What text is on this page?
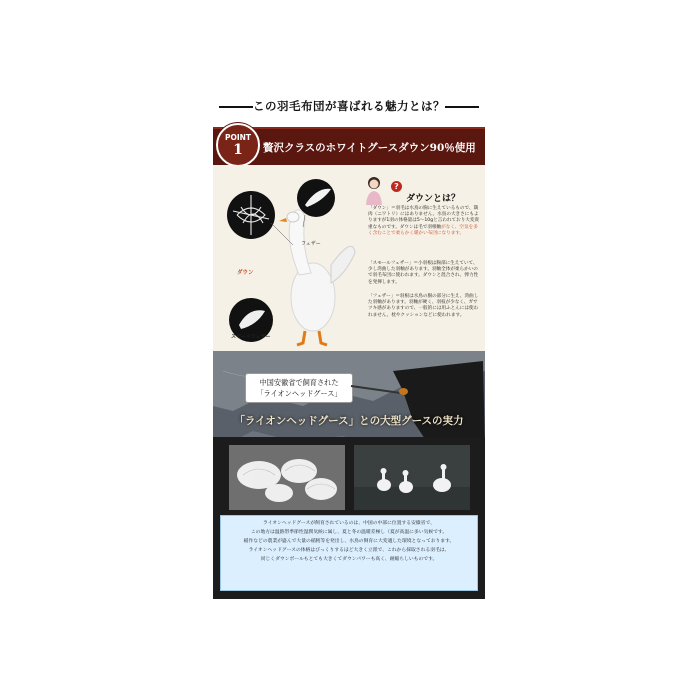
この羽毛布団が喜ばれる魅力とは？
POINT
1	贅沢クラスのホワイトグースダウン90％使用
フェザー
ダウン
スモールフェザー
?
ダウンとは？
「ダウン」＝羽毛は水鳥の胸に生えているもので、鶏肉（ニワトリ）にはありません。水鳥の大きさにもよりますが1羽の体格量は5～10gと言われており大変貴重なものです。ダウンは毛で羽根軸がなく、空気を多く含むことで柔らかく暖かい布団になります。
「スモールフェザー」＝小羽根は胸部に生えていて、少し湾曲した羽軸があります。羽軸全体が柔らかいので羽毛布団に使われます。ダウンと混合され、弾力性を発揮します。
「フェザー」＝羽根は水鳥の胴の部分に生え、湾曲した羽軸があります。羽軸が硬く、羽枝が少なく、ガサツキ感がありますので、一般的には用ふとんには使われません。枕やクッションなどに使われます。
中国安徽省で飼育された
「ライオンヘッドグース」
「ライオンヘッドグース」との大型グースの実力

ライオンヘッドグースが飼育されているのは、中国の中部に位置する安徽省で、

この地方は温熱帯季節性湿潤気候に属し、夏と冬の温暖差極し（夏が高温に多い気候です。

稲作などの農業が盛んで大量の稲籾等を発出し、水鳥の飼育に大変適した環境となっております。

ライオンヘッドグースの体格はびっくりするほど大きく立派で、これから採取される羽毛は、

同じくダウンボールもとても大きくてダウンパワーも高く、耐縮ちしいものです。
